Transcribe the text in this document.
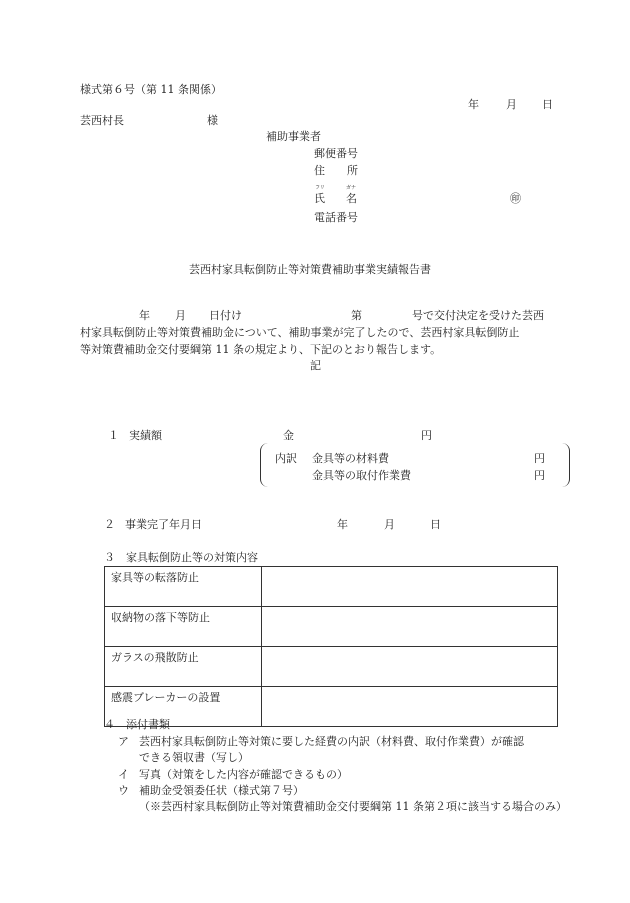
様式第６号（第 11 条関係）
年 月 日
芸西村長	様
補助事業者
郵便番号
住　　所
フリ	ガナ
氏 名	㊞
電話番号
芸西村家具転倒防止等対策費補助事業実績報告書
年 月 日付け	第	号で交付決定を受けた芸西
村家具転倒防止等対策費補助金について、補助事業が完了したので、芸西村家具転倒防止
等対策費補助金交付要綱第 11 条の規定より、下記のとおり報告します。
記
１ 実績額	金	円
内訳 金具等の材料費	円
金具等の取付作業費	円
２ 事業完了年月日	年	月	日
３　家具転倒防止等の対策内容
家具等の転落防止	
収納物の落下等防止	
ガラスの飛散防止	
感震ブレーカーの設置	
４　添付書類
ア 芸西村家具転倒防止等対策に要した経費の内訳（材料費、取付作業費）が確認
できる領収書（写し）
イ 写真（対策をした内容が確認できるもの）
ウ 補助金受領委任状（様式第７号）
（※芸西村家具転倒防止等対策費補助金交付要綱第 11 条第２項に該当する場合のみ）
